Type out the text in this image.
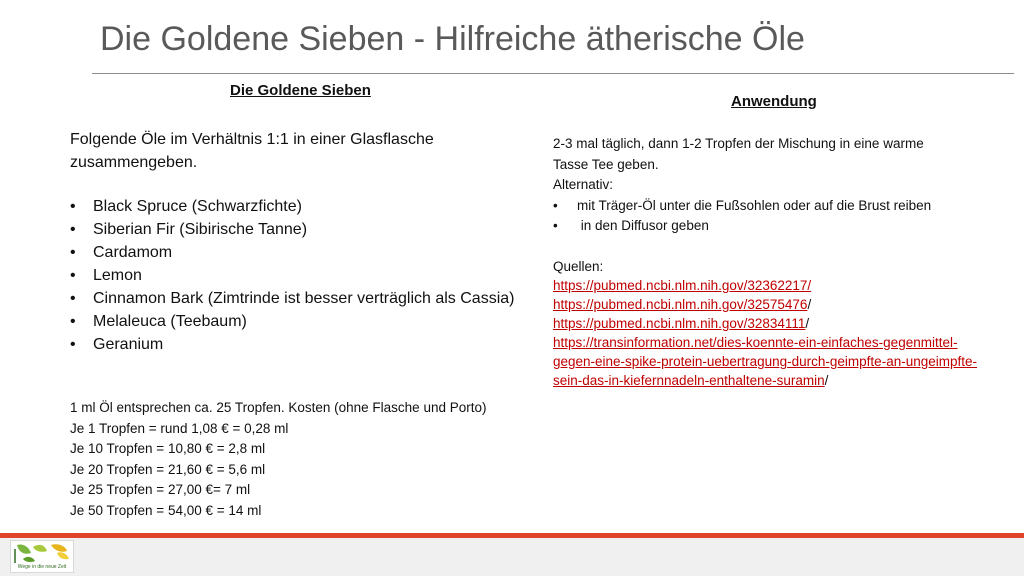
Die Goldene Sieben - Hilfreiche ätherische Öle
Die Goldene Sieben
Anwendung

Folgende Öle im Verhältnis 1:1 in einer Glasflasche zusammengeben.

• Black Spruce (Schwarzfichte)
• Siberian Fir (Sibirische Tanne)
• Cardamom
• Lemon
• Cinnamon Bark (Zimtrinde ist besser verträglich als Cassia)
• Melaleuca (Teebaum)
• Geranium
1 ml Öl entsprechen ca. 25 Tropfen. Kosten (ohne Flasche und Porto)
Je 1 Tropfen = rund 1,08 € = 0,28 ml
Je 10 Tropfen = 10,80 € = 2,8 ml
Je 20 Tropfen = 21,60 € = 5,6 ml
Je 25 Tropfen = 27,00 €= 7 ml
Je 50 Tropfen = 54,00 € = 14 ml
2-3 mal täglich, dann 1-2 Tropfen der Mischung in eine warme
Tasse Tee geben.
Alternativ:
• mit Träger-Öl unter die Fußsohlen oder auf die Brust reiben
• in den Diffusor geben
Quellen:
https://pubmed.ncbi.nlm.nih.gov/32362217/
https://pubmed.ncbi.nlm.nih.gov/32575476/
https://pubmed.ncbi.nlm.nih.gov/32834111/
https://transinformation.net/dies-koennte-ein-einfaches-gegenmittel-
gegen-eine-spike-protein-uebertragung-durch-geimpfte-an-ungeimpfte-
sein-das-in-kiefernnadeln-enthaltene-suramin/
Wege in die neue Zeit
